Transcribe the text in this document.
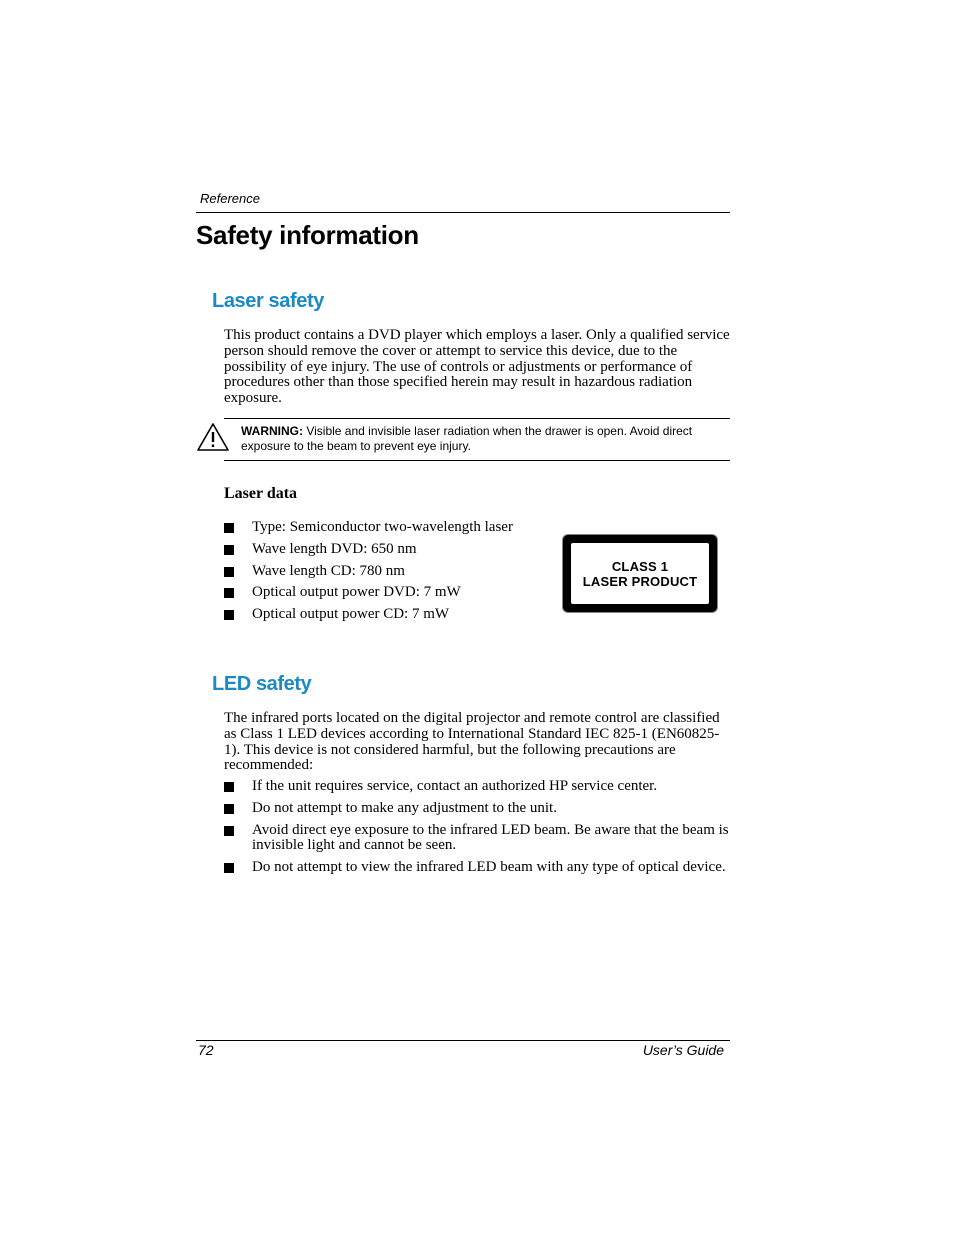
Reference
Safety information
Laser safety
This product contains a DVD player which employs a laser. Only a qualified service person should remove the cover or attempt to service this device, due to the possibility of eye injury. The use of controls or adjustments or performance of procedures other than those specified herein may result in hazardous radiation exposure.
WARNING: Visible and invisible laser radiation when the drawer is open. Avoid direct exposure to the beam to prevent eye injury.
Laser data
Type: Semiconductor two-wavelength laser
Wave length DVD: 650 nm
Wave length CD: 780 nm
Optical output power DVD: 7 mW
Optical output power CD: 7 mW
CLASS 1
LASER PRODUCT
LED safety
The infrared ports located on the digital projector and remote control are classified as Class 1 LED devices according to International Standard IEC 825-1 (EN60825-1). This device is not considered harmful, but the following precautions are recommended:
If the unit requires service, contact an authorized HP service center.
Do not attempt to make any adjustment to the unit.
Avoid direct eye exposure to the infrared LED beam. Be aware that the beam is invisible light and cannot be seen.
Do not attempt to view the infrared LED beam with any type of optical device.
72	User’s Guide
